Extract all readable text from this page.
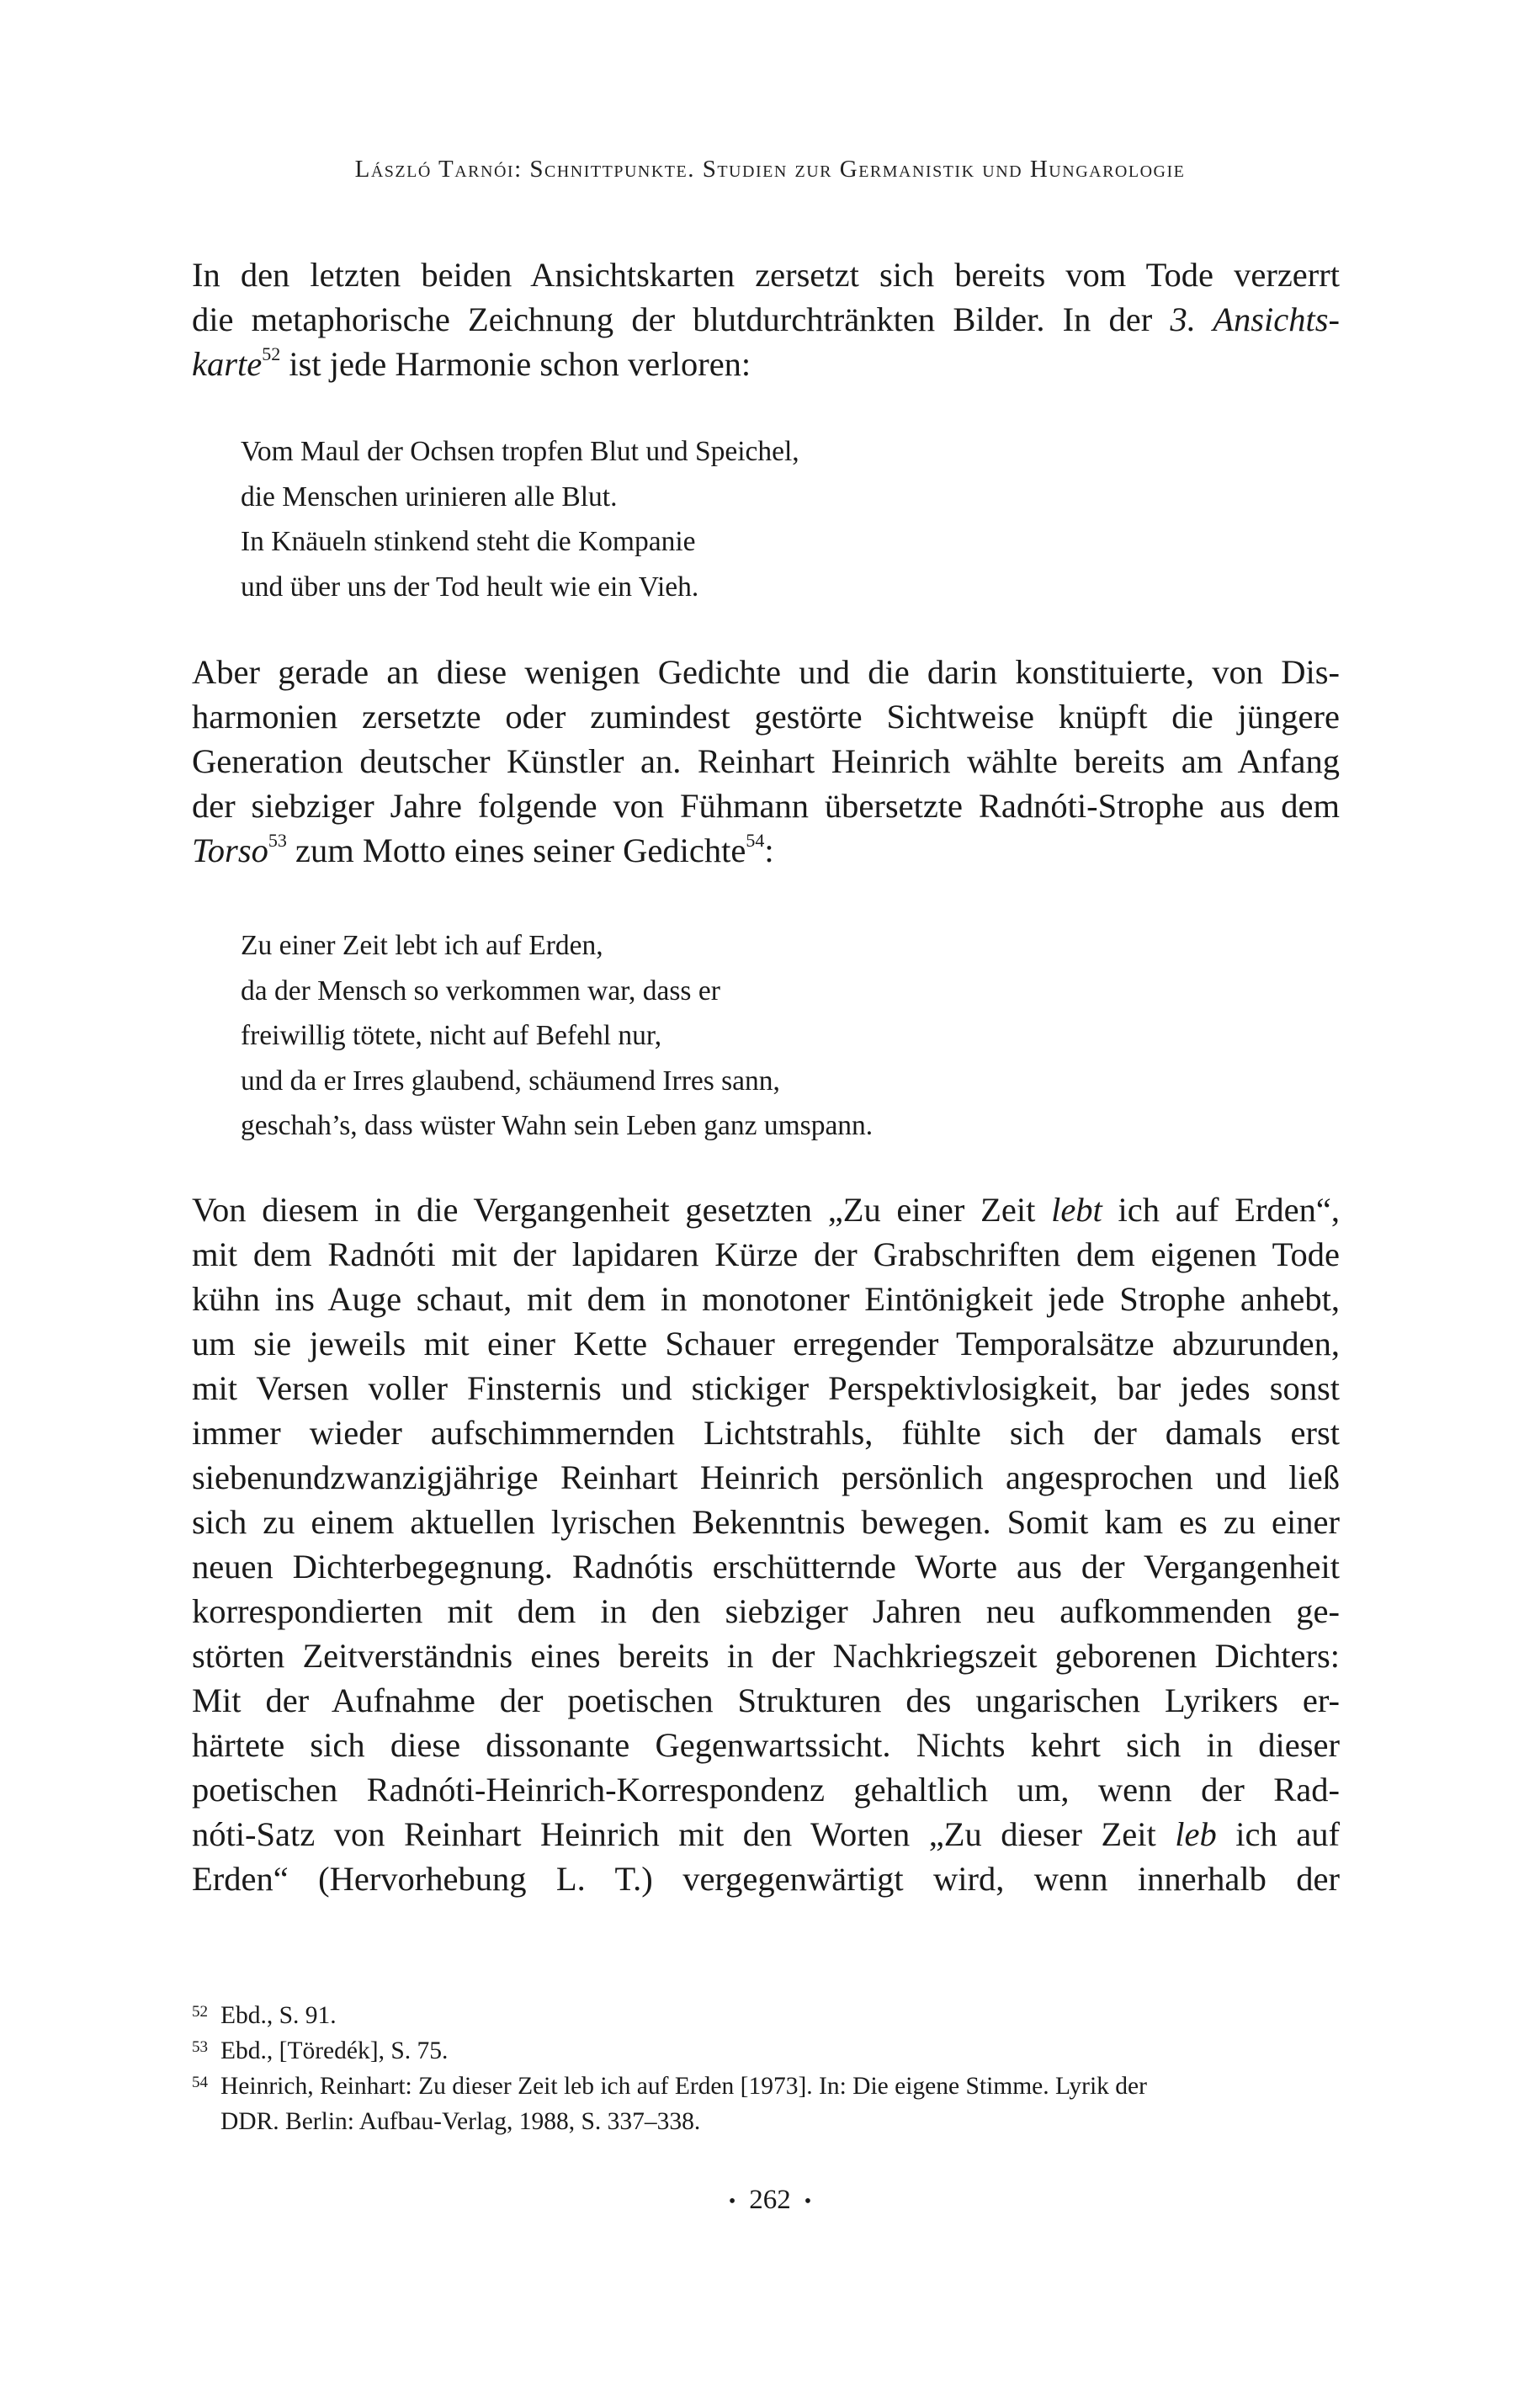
László Tarnói: Schnittpunkte. Studien zur Germanistik und Hungarologie
In den letzten beiden Ansichtskarten zersetzt sich bereits vom Tode verzerrt
die metaphorische Zeichnung der blutdurchtränkten Bilder. In der 3. Ansichts-
karte$^{52}$ ist jede Harmonie schon verloren:
Vom Maul der Ochsen tropfen Blut und Speichel,
die Menschen urinieren alle Blut.
In Knäueln stinkend steht die Kompanie
und über uns der Tod heult wie ein Vieh.
Aber gerade an diese wenigen Gedichte und die darin konstituierte, von Dis-
harmonien zersetzte oder zumindest gestörte Sichtweise knüpft die jüngere
Generation deutscher Künstler an. Reinhart Heinrich wählte bereits am Anfang
der siebziger Jahre folgende von Fühmann übersetzte Radnóti-Strophe aus dem
Torso$^{53}$ zum Motto eines seiner Gedichte$^{54}$:
Zu einer Zeit lebt ich auf Erden,
da der Mensch so verkommen war, dass er
freiwillig tötete, nicht auf Befehl nur,
und da er Irres glaubend, schäumend Irres sann,
geschah’s, dass wüster Wahn sein Leben ganz umspann.
Von diesem in die Vergangenheit gesetzten „Zu einer Zeit lebt ich auf Erden“,
mit dem Radnóti mit der lapidaren Kürze der Grabschriften dem eigenen Tode
kühn ins Auge schaut, mit dem in monotoner Eintönigkeit jede Strophe anhebt,
um sie jeweils mit einer Kette Schauer erregender Temporalsätze abzurunden,
mit Versen voller Finsternis und stickiger Perspektivlosigkeit, bar jedes sonst
immer wieder aufschimmernden Lichtstrahls, fühlte sich der damals erst
siebenundzwanzigjährige Reinhart Heinrich persönlich angesprochen und ließ
sich zu einem aktuellen lyrischen Bekenntnis bewegen. Somit kam es zu einer
neuen Dichterbegegnung. Radnótis erschütternde Worte aus der Vergangenheit
korrespondierten mit dem in den siebziger Jahren neu aufkommenden ge-
störten Zeitverständnis eines bereits in der Nachkriegszeit geborenen Dichters:
Mit der Aufnahme der poetischen Strukturen des ungarischen Lyrikers er-
härtete sich diese dissonante Gegenwartssicht. Nichts kehrt sich in dieser
poetischen Radnóti-Heinrich-Korrespondenz gehaltlich um, wenn der Rad-
nóti-Satz von Reinhart Heinrich mit den Worten „Zu dieser Zeit leb ich auf
Erden“ (Hervorhebung L. T.) vergegenwärtigt wird, wenn innerhalb der
52 Ebd., S. 91.
53 Ebd., [Töredék], S. 75.
54 Heinrich, Reinhart: Zu dieser Zeit leb ich auf Erden [1973]. In: Die eigene Stimme. Lyrik der
DDR. Berlin: Aufbau-Verlag, 1988, S. 337–338.
• 262 •
